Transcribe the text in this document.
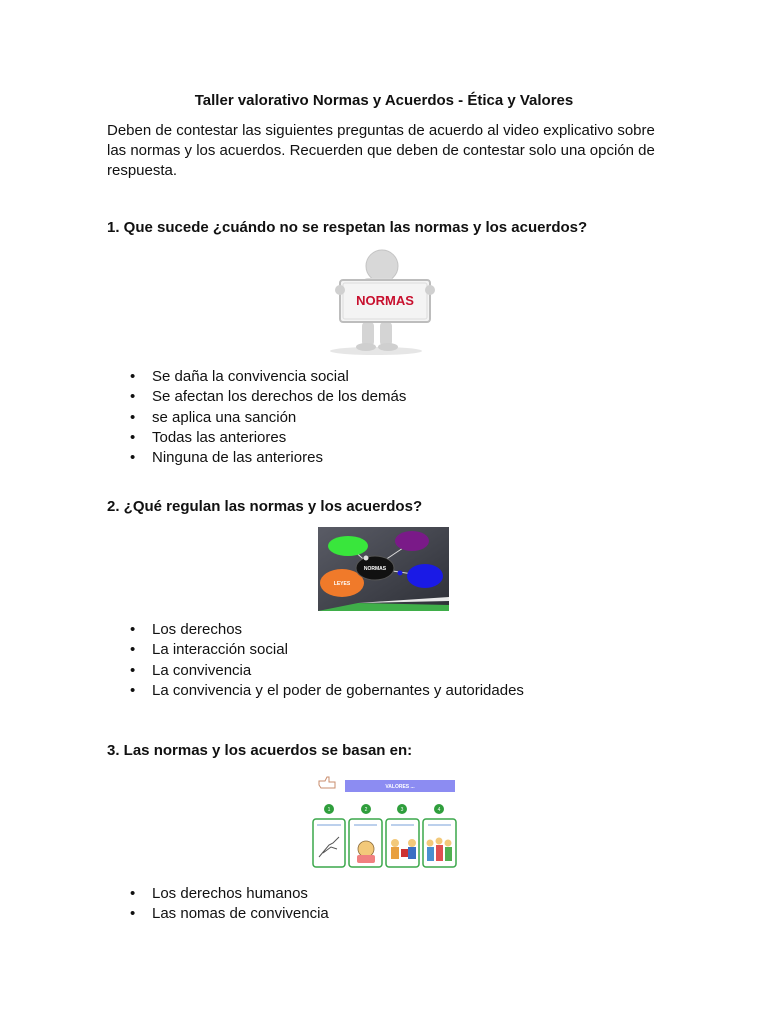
Taller valorativo Normas y Acuerdos - Ética y Valores
Deben de contestar las siguientes preguntas de acuerdo al video explicativo sobre las normas y los acuerdos. Recuerden que deben de contestar solo una opción de respuesta.
1. Que sucede ¿cuándo no se respetan las normas y los acuerdos?
NORMAS
• Se daña la convivencia social
• Se afectan los derechos de los demás
• se aplica una sanción
• Todas las anteriores
• Ninguna de las anteriores
2. ¿Qué regulan las normas y los acuerdos?
NORMAS
LEYES
• Los derechos
• La interacción social
• La convivencia
• La convivencia y el poder de gobernantes y autoridades
3. Las normas y los acuerdos se basan en:
VALORES ...
1	2	3	4
• Los derechos humanos
• Las nomas de convivencia
